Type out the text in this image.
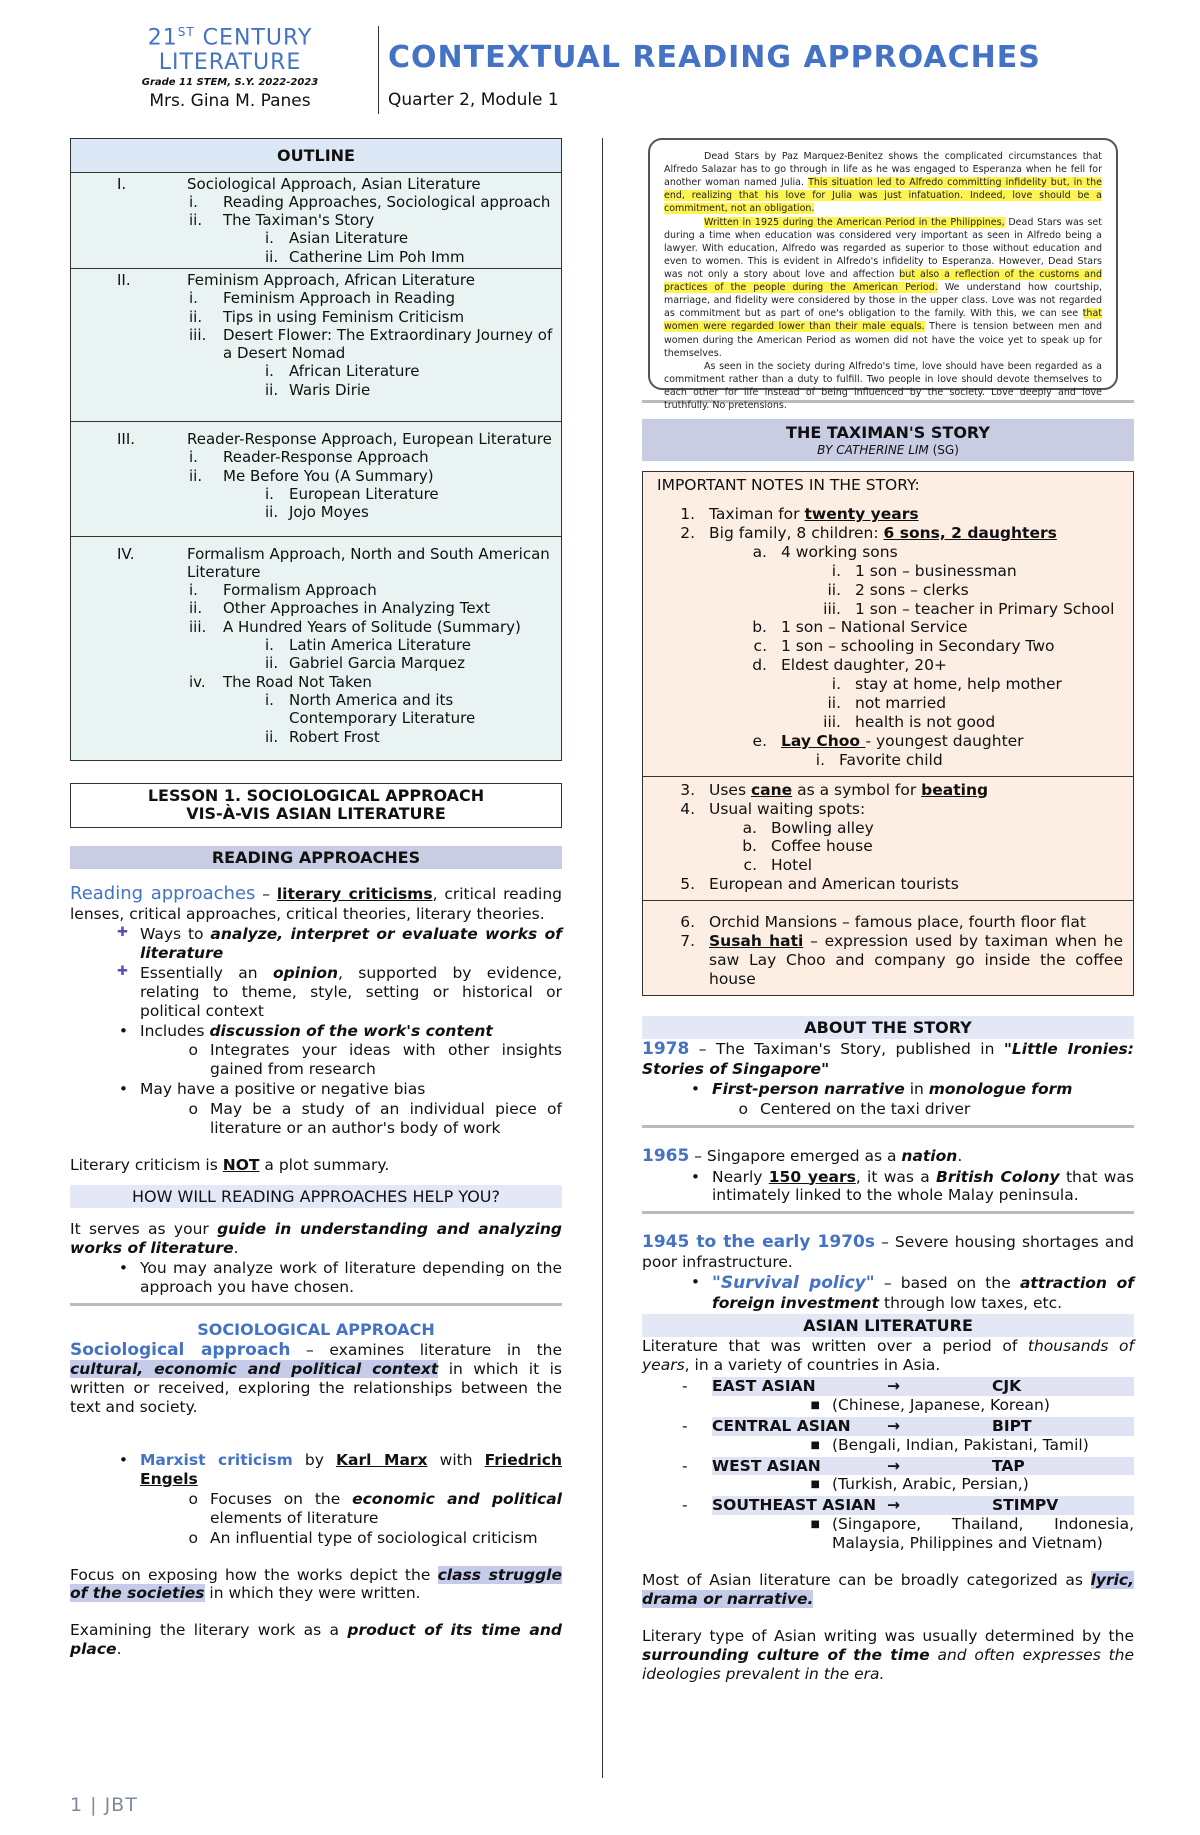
21ST CENTURY LITERATURE
Grade 11 STEM, S.Y. 2022-2023
Mrs. Gina M. Panes
CONTEXTUAL READING APPROACHES
Quarter 2, Module 1
OUTLINE
I.	Sociological Approach, Asian Literature
i.	Reading Approaches, Sociological approach
ii.	The Taximan's Story
i.	Asian Literature
ii. Catherine Lim Poh Imm
II.	Feminism Approach, African Literature
i.	Feminism Approach in Reading
ii.	Tips in using Feminism Criticism
iii.	Desert Flower: The Extraordinary Journey of a Desert Nomad
i.	African Literature
ii. Waris Dirie
III.	Reader-Response Approach, European Literature
i.	Reader-Response Approach
ii.	Me Before You (A Summary)
i.	European Literature
ii. Jojo Moyes
IV.	Formalism Approach, North and South American Literature
i.	Formalism Approach
ii.	Other Approaches in Analyzing Text
iii.	A Hundred Years of Solitude (Summary)
i.	Latin America Literature
ii. Gabriel Garcia Marquez
iv.	The Road Not Taken
i.	North America and its Contemporary Literature
ii. Robert Frost
LESSON 1. SOCIOLOGICAL APPROACH
VIS-À-VIS ASIAN LITERATURE
READING APPROACHES

Reading approaches – literary criticisms, critical reading lenses, critical approaches, critical theories, literary theories.

✚ Ways to analyze, interpret or evaluate works of literature
✚ Essentially an opinion, supported by evidence, relating to theme, style, setting or historical or political context
• Includes discussion of the work's content
o Integrates your ideas with other insights gained from research
• May have a positive or negative bias
o May be a study of an individual piece of literature or an author's body of work

Literary criticism is NOT a plot summary.

HOW WILL READING APPROACHES HELP YOU?

It serves as your guide in understanding and analyzing works of literature.

• You may analyze work of literature depending on the approach you have chosen.
SOCIOLOGICAL APPROACH

Sociological approach – examines literature in the cultural, economic and political context in which it is written or received, exploring the relationships between the text and society.

• Marxist criticism by Karl Marx with Friedrich Engels
o Focuses on the economic and political elements of literature
o An influential type of sociological criticism

Focus on exposing how the works depict the class struggle of the societies in which they were written.

Examining the literary work as a product of its time and place.

Dead Stars by Paz Marquez-Benitez shows the complicated circumstances that Alfredo Salazar has to go through in life as he was engaged to Esperanza when he fell for another woman named Julia. This situation led to Alfredo committing infidelity but, in the end, realizing that his love for Julia was just infatuation. Indeed, love should be a commitment, not an obligation.

Written in 1925 during the American Period in the Philippines, Dead Stars was set during a time when education was considered very important as seen in Alfredo being a lawyer. With education, Alfredo was regarded as superior to those without education and even to women. This is evident in Alfredo's infidelity to Esperanza. However, Dead Stars was not only a story about love and affection but also a reflection of the customs and practices of the people during the American Period. We understand how courtship, marriage, and fidelity were considered by those in the upper class. Love was not regarded as commitment but as part of one's obligation to the family. With this, we can see that women were regarded lower than their male equals. There is tension between men and women during the American Period as women did not have the voice yet to speak up for themselves.

As seen in the society during Alfredo's time, love should have been regarded as a commitment rather than a duty to fulfill. Two people in love should devote themselves to each other for life instead of being influenced by the society. Love deeply and love truthfully. No pretensions.

THE TAXIMAN'S STORY
BY CATHERINE LIM (SG)
IMPORTANT NOTES IN THE STORY:
1. Taximan for twenty years
2. Big family, 8 children: 6 sons, 2 daughters
a. 4 working sons
i. 1 son – businessman
ii. 2 sons – clerks
iii. 1 son – teacher in Primary School
b. 1 son – National Service
c. 1 son – schooling in Secondary Two
d. Eldest daughter, 20+
i. stay at home, help mother
ii. not married
iii. health is not good
e. Lay Choo - youngest daughter
i. Favorite child
3. Uses cane as a symbol for beating
4. Usual waiting spots:
a. Bowling alley
b. Coffee house
c. Hotel
5. European and American tourists
6. Orchid Mansions – famous place, fourth floor flat
7. Susah hati – expression used by taximan when he saw Lay Choo and company go inside the coffee house
ABOUT THE STORY

1978 – The Taximan's Story, published in "Little Ironies: Stories of Singapore"

• First-person narrative in monologue form
o Centered on the taxi driver

1965 – Singapore emerged as a nation.

• Nearly 150 years, it was a British Colony that was intimately linked to the whole Malay peninsula.

1945 to the early 1970s – Severe housing shortages and poor infrastructure.

• "Survival policy" – based on the attraction of foreign investment through low taxes, etc.
ASIAN LITERATURE

Literature that was written over a period of thousands of years, in a variety of countries in Asia.

-	EAST ASIAN	→	CJK
■ (Chinese, Japanese, Korean)
-	CENTRAL ASIAN	→	BIPT
■ (Bengali, Indian, Pakistani, Tamil)
-	WEST ASIAN	→	TAP
■ (Turkish, Arabic, Persian,)
-	SOUTHEAST ASIAN →	STIMPV
■ (Singapore, Thailand, Indonesia, Malaysia, Philippines and Vietnam)

Most of Asian literature can be broadly categorized as lyric, drama or narrative.

Literary type of Asian writing was usually determined by the surrounding culture of the time and often expresses the ideologies prevalent in the era.

1 | JBT
